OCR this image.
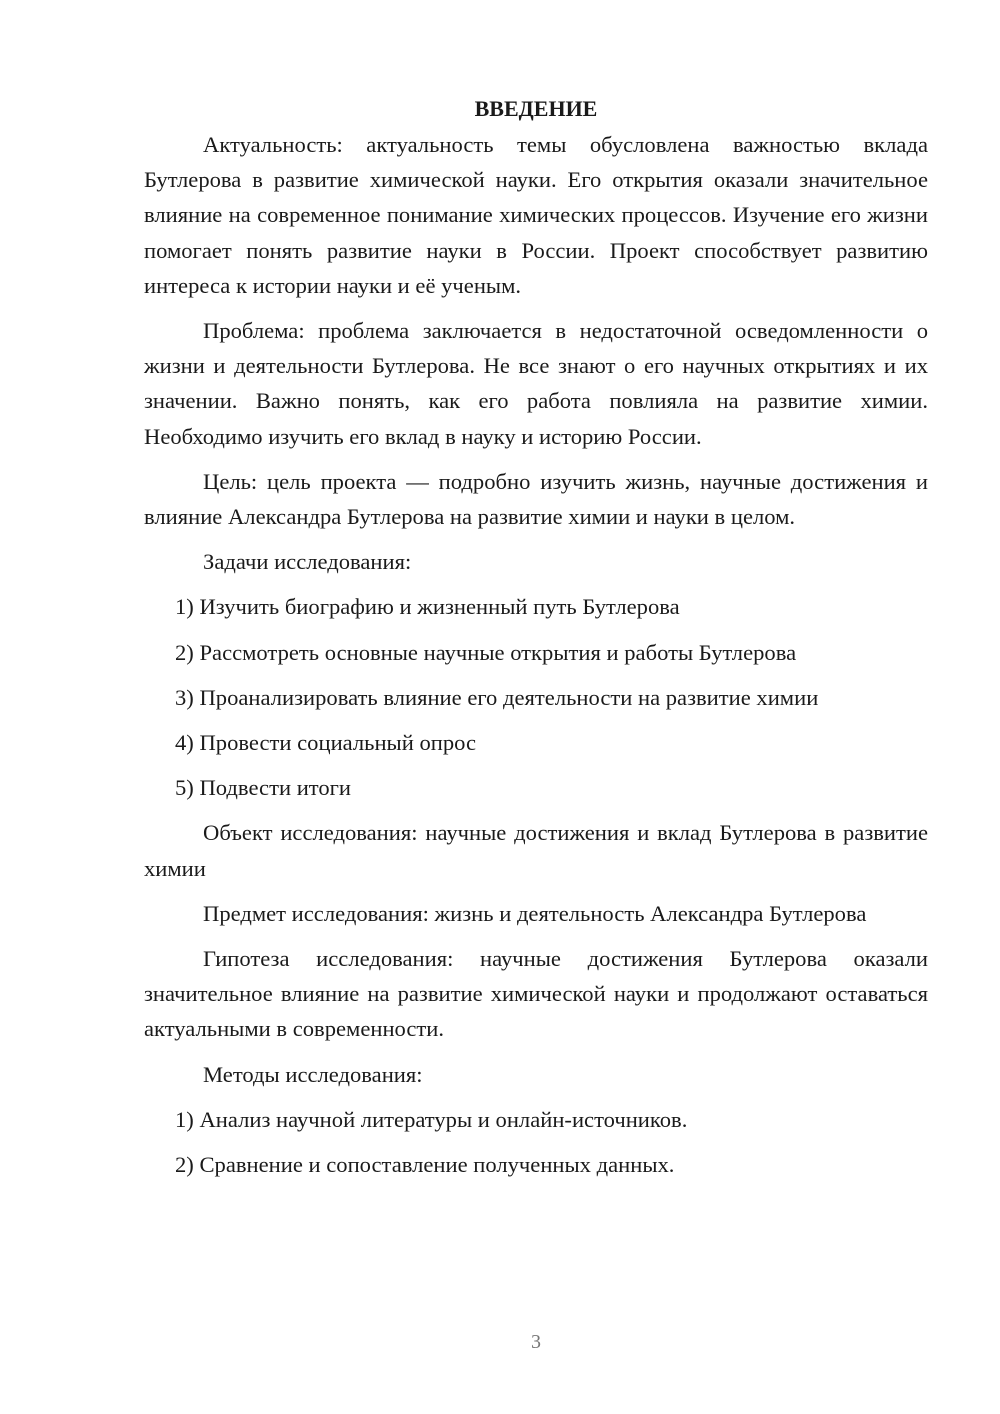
ВВЕДЕНИЕ

Актуальность: актуальность темы обусловлена важностью вклада Бутлерова в развитие химической науки. Его открытия оказали значительное влияние на современное понимание химических процессов. Изучение его жизни помогает понять развитие науки в России. Проект способствует развитию интереса к истории науки и её ученым.

Проблема: проблема заключается в недостаточной осведомленности о жизни и деятельности Бутлерова. Не все знают о его научных открытиях и их значении. Важно понять, как его работа повлияла на развитие химии. Необходимо изучить его вклад в науку и историю России.

Цель: цель проекта — подробно изучить жизнь, научные достижения и влияние Александра Бутлерова на развитие химии и науки в целом.

Задачи исследования:
1) Изучить биографию и жизненный путь Бутлерова
2) Рассмотреть основные научные открытия и работы Бутлерова
3) Проанализировать влияние его деятельности на развитие химии
4) Провести социальный опрос
5) Подвести итоги

Объект исследования: научные достижения и вклад Бутлерова в развитие химии

Предмет исследования: жизнь и деятельность Александра Бутлерова

Гипотеза исследования: научные достижения Бутлерова оказали значительное влияние на развитие химической науки и продолжают оставаться актуальными в современности.

Методы исследования:
1) Анализ научной литературы и онлайн-источников.
2) Сравнение и сопоставление полученных данных.
3
